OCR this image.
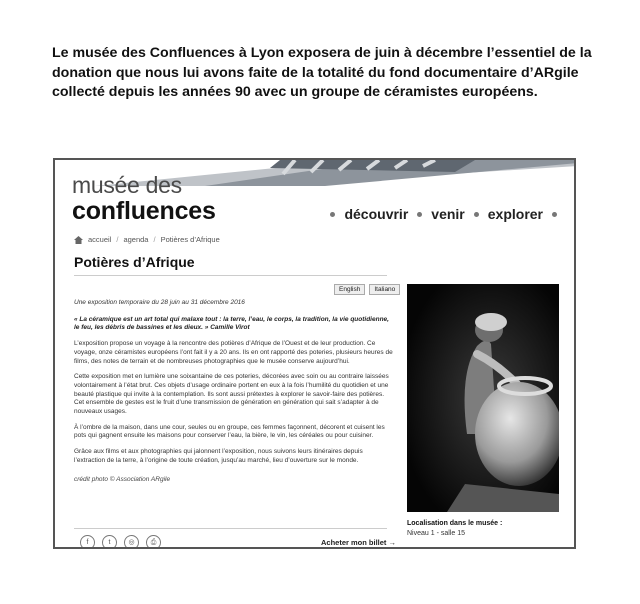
Le musée des Confluences à Lyon exposera de juin à décembre l’essentiel de la donation que nous lui avons faite de la totalité du fond documentaire d’ARgile collecté depuis les années 90 avec un groupe de céramistes européens.
musée des
confluences	découvrir venir explorer
accueil / agenda / Potières d’Afrique
Potières d’Afrique
English	Italiano

Une exposition temporaire du 28 juin au 31 décembre 2016

« La céramique est un art total qui malaxe tout : la terre, l’eau, le corps, la tradition, la vie quotidienne, le feu, les débris de bassines et les dieux. » Camille Virot

L’exposition propose un voyage à la rencontre des potières d’Afrique de l’Ouest et de leur production. Ce voyage, onze céramistes européens l’ont fait il y a 20 ans. Ils en ont rapporté des poteries, plusieurs heures de films, des notes de terrain et de nombreuses photographies que le musée conserve aujourd’hui.

Cette exposition met en lumière une soixantaine de ces poteries, décorées avec soin ou au contraire laissées volontairement à l’état brut. Ces objets d’usage ordinaire portent en eux à la fois l’humilité du quotidien et une beauté plastique qui invite à la contemplation. Ils sont aussi prétextes à explorer le savoir-faire des potières. Cet ensemble de gestes est le fruit d’une transmission de génération en génération qui sait s’adapter à de nouveaux usages.

À l’ombre de la maison, dans une cour, seules ou en groupe, ces femmes façonnent, décorent et cuisent les pots qui gagnent ensuite les maisons pour conserver l’eau, la bière, le vin, les céréales ou pour cuisiner.

Grâce aux films et aux photographies qui jalonnent l’exposition, nous suivons leurs itinéraires depuis l’extraction de la terre, à l’origine de toute création, jusqu’au marché, lieu d’ouverture sur le monde.

crédit photo © Association ARgile

Localisation dans le musée :
Niveau 1 - salle 15
f	t	◎	⎙	Acheter mon billet →
